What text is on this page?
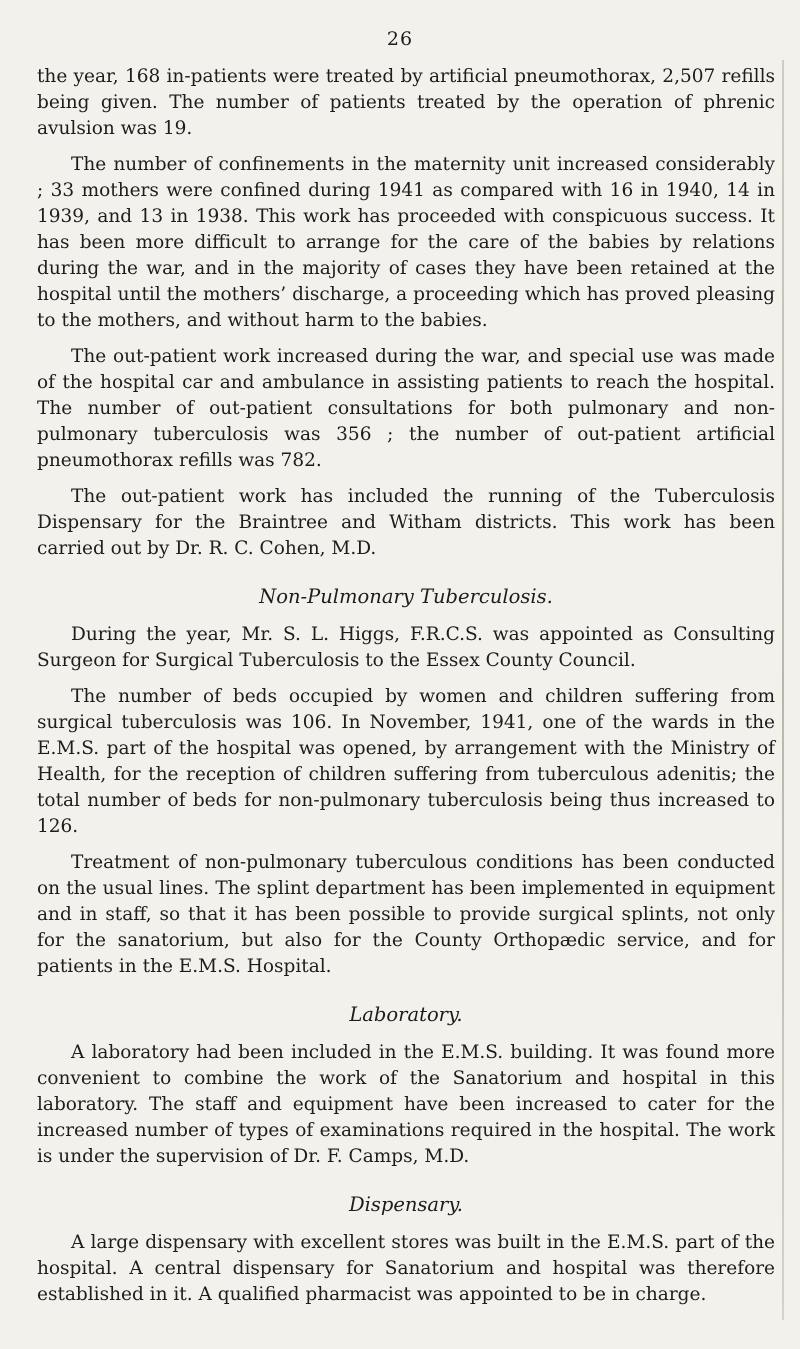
26

the year, 168 in-patients were treated by artificial pneumothorax, 2,507 refills being given. The number of patients treated by the operation of phrenic avulsion was 19.

The number of confinements in the maternity unit increased considerably ; 33 mothers were confined during 1941 as compared with 16 in 1940, 14 in 1939, and 13 in 1938. This work has proceeded with conspicuous success. It has been more difficult to arrange for the care of the babies by relations during the war, and in the majority of cases they have been retained at the hospital until the mothers’ discharge, a proceeding which has proved pleasing to the mothers, and without harm to the babies.

The out-patient work increased during the war, and special use was made of the hospital car and ambulance in assisting patients to reach the hospital. The number of out-patient consultations for both pulmonary and non-pulmonary tuberculosis was 356 ; the number of out-patient artificial pneumothorax refills was 782.

The out-patient work has included the running of the Tuberculosis Dispensary for the Braintree and Witham districts. This work has been carried out by Dr. R. C. Cohen, M.D.

Non-Pulmonary Tuberculosis.

During the year, Mr. S. L. Higgs, F.R.C.S. was appointed as Consulting Surgeon for Surgical Tuberculosis to the Essex County Council.

The number of beds occupied by women and children suffering from surgical tuberculosis was 106. In November, 1941, one of the wards in the E.M.S. part of the hospital was opened, by arrangement with the Ministry of Health, for the reception of children suffering from tuberculous adenitis; the total number of beds for non-pulmonary tuberculosis being thus increased to 126.

Treatment of non-pulmonary tuberculous conditions has been conducted on the usual lines. The splint department has been implemented in equipment and in staff, so that it has been possible to provide surgical splints, not only for the sanatorium, but also for the County Orthopædic service, and for patients in the E.M.S. Hospital.

Laboratory.

A laboratory had been included in the E.M.S. building. It was found more convenient to combine the work of the Sanatorium and hospital in this laboratory. The staff and equipment have been increased to cater for the increased number of types of examinations required in the hospital. The work is under the supervision of Dr. F. Camps, M.D.

Dispensary.

A large dispensary with excellent stores was built in the E.M.S. part of the hospital. A central dispensary for Sanatorium and hospital was therefore established in it. A qualified pharmacist was appointed to be in charge.
